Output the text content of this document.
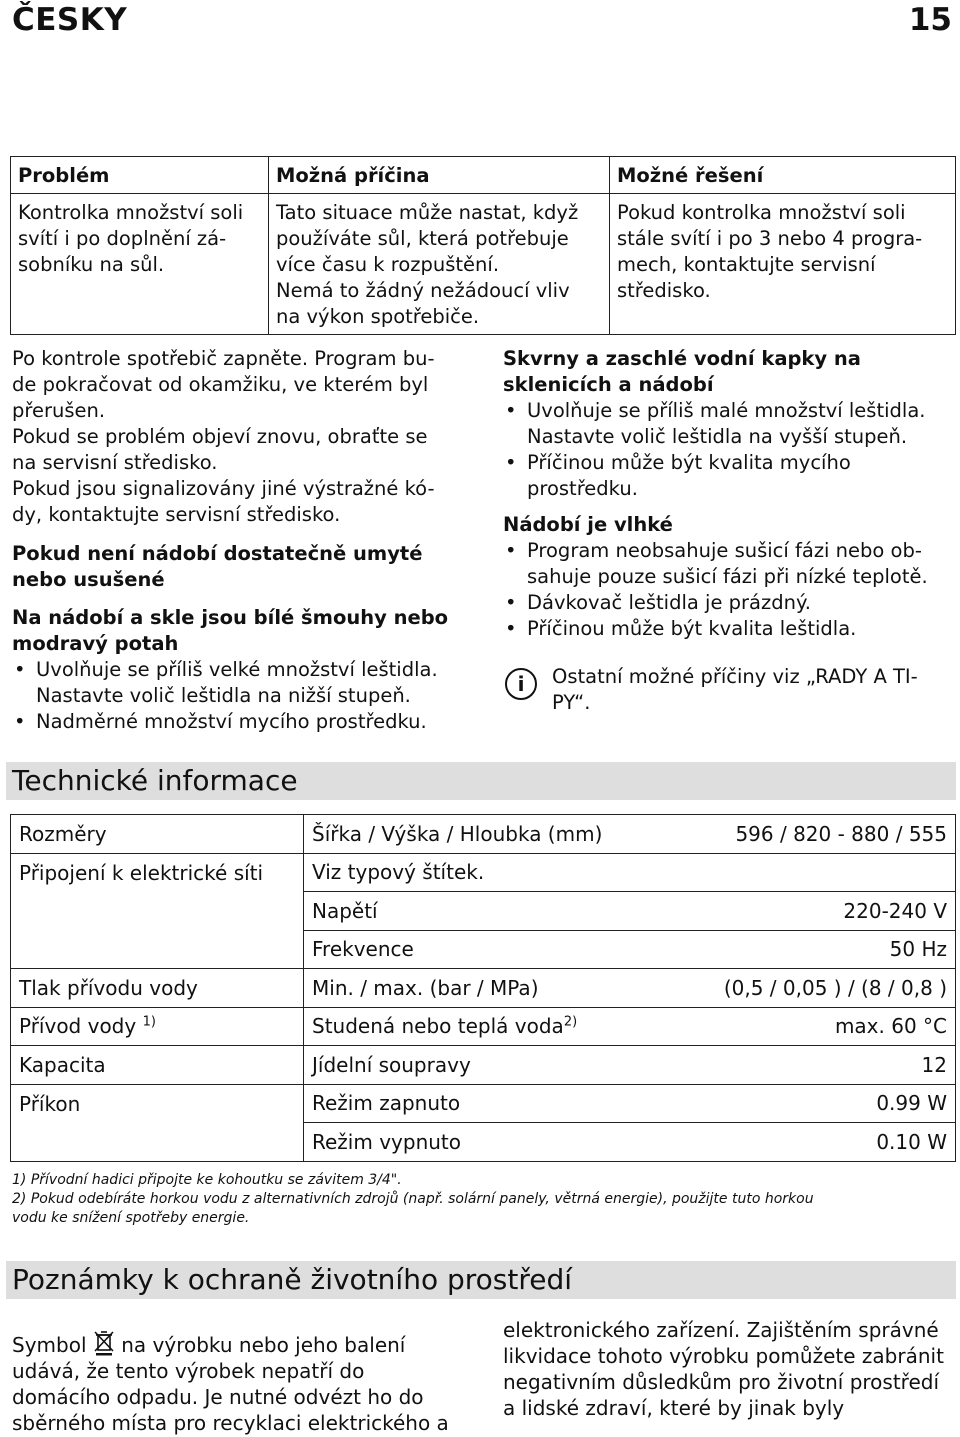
ČESKY	15
Problém	Možná příčina	Možné řešení
Kontrolka množství soli
svítí i po doplnění zá-
sobníku na sůl.	Tato situace může nastat, když
používáte sůl, která potřebuje
více času k rozpuštění.
Nemá to žádný nežádoucí vliv
na výkon spotřebiče.	Pokud kontrolka množství soli
stále svítí i po 3 nebo 4 progra-
mech, kontaktujte servisní
středisko.
Po kontrole spotřebič zapněte. Program bu-
de pokračovat od okamžiku, ve kterém byl
přerušen.
Pokud se problém objeví znovu, obraťte se
na servisní středisko.
Pokud jsou signalizovány jiné výstražné kó-
dy, kontaktujte servisní středisko.
Pokud není nádobí dostatečně umyté
nebo usušené
Na nádobí a skle jsou bílé šmouhy nebo
modravý potah
• Uvolňuje se příliš velké množství leštidla.
Nastavte volič leštidla na nižší stupeň.
• Nadměrné množství mycího prostředku.
Skvrny a zaschlé vodní kapky na
sklenicích a nádobí
• Uvolňuje se příliš malé množství leštidla.
Nastavte volič leštidla na vyšší stupeň.
• Příčinou může být kvalita mycího
prostředku.
Nádobí je vlhké
• Program neobsahuje sušicí fázi nebo ob-
sahuje pouze sušicí fázi při nízké teplotě.
• Dávkovač leštidla je prázdný.
• Příčinou může být kvalita leštidla.
i	Ostatní možné příčiny viz „RADY A TI-
PY“.
Technické informace
Rozměry	Šířka / Výška / Hloubka (mm)	596 / 820 - 880 / 555
Připojení k elektrické síti	Viz typový štítek.	
	Napětí	220-240 V
	Frekvence	50 Hz
Tlak přívodu vody	Min. / max. (bar / MPa)	(0,5 / 0,05 ) / (8 / 0,8 )
Přívod vody $^{1)}$	Studená nebo teplá voda$^{2)}$	max. 60 °C
Kapacita	Jídelní soupravy	12
Příkon	Režim zapnuto	0.99 W
	Režim vypnuto	0.10 W
1) Přívodní hadici připojte ke kohoutku se závitem 3/4".
2) Pokud odebíráte horkou vodu z alternativních zdrojů (např. solární panely, větrná energie), použijte tuto horkou
vodu ke snížení spotřeby energie.
Poznámky k ochraně životního prostředí
Symbol na výrobku nebo jeho balení
udává, že tento výrobek nepatří do
domácího odpadu. Je nutné odvézt ho do
sběrného místa pro recyklaci elektrického a
elektronického zařízení. Zajištěním správné
likvidace tohoto výrobku pomůžete zabránit
negativním důsledkům pro životní prostředí
a lidské zdraví, které by jinak byly
